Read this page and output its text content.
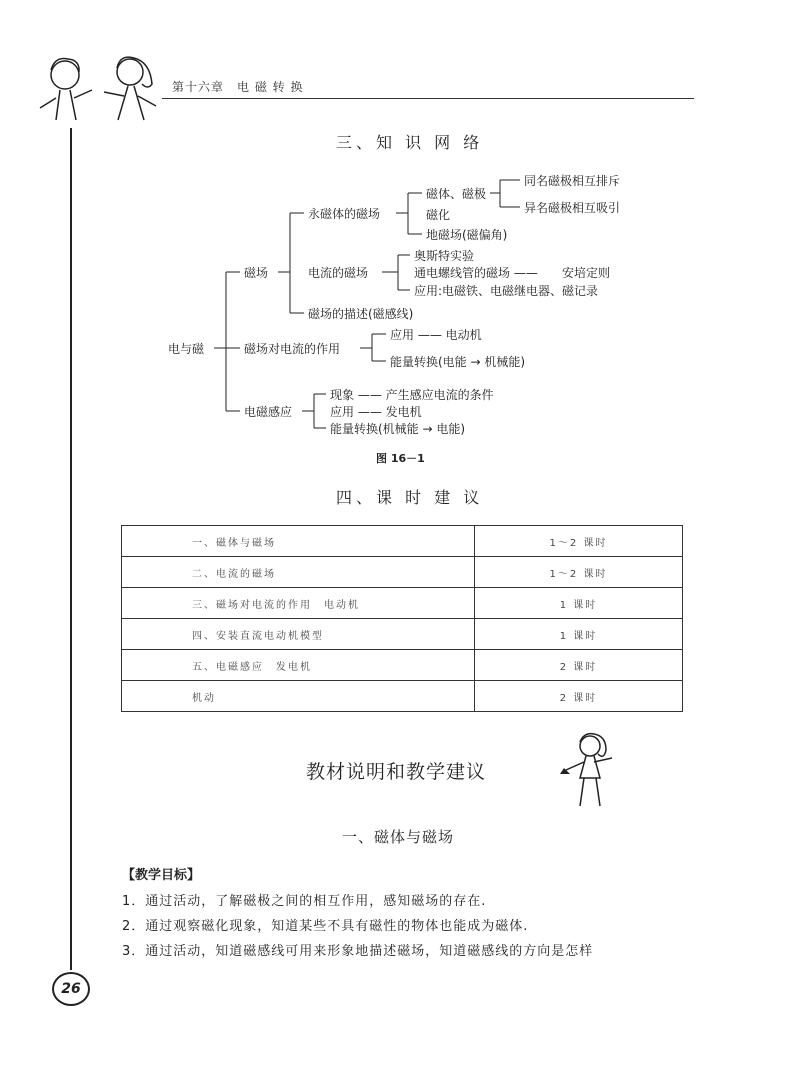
第十六章　电 磁 转 换
三、知 识 网 络
电与磁
磁场
永磁体的磁场
磁体、磁极
同名磁极相互排斥
异名磁极相互吸引
磁化
地磁场(磁偏角)
电流的磁场
奥斯特实验
通电螺线管的磁场 —— 安培定则
应用:电磁铁、电磁继电器、磁记录
磁场的描述(磁感线)
磁场对电流的作用
应用 —— 电动机
能量转换(电能 → 机械能)
电磁感应
现象 —— 产生感应电流的条件
应用 —— 发电机
能量转换(机械能 → 电能)
图 16－1
四、课 时 建 议
一、磁体与磁场	1～2 课时
二、电流的磁场	1～2 课时
三、磁场对电流的作用　电动机	1 课时
四、安装直流电动机模型	1 课时
五、电磁感应　发电机	2 课时
机动	2 课时
教材说明和教学建议
一、磁体与磁场
【教学目标】
1．通过活动，了解磁极之间的相互作用，感知磁场的存在.
2．通过观察磁化现象，知道某些不具有磁性的物体也能成为磁体.
3．通过活动，知道磁感线可用来形象地描述磁场，知道磁感线的方向是怎样
26
